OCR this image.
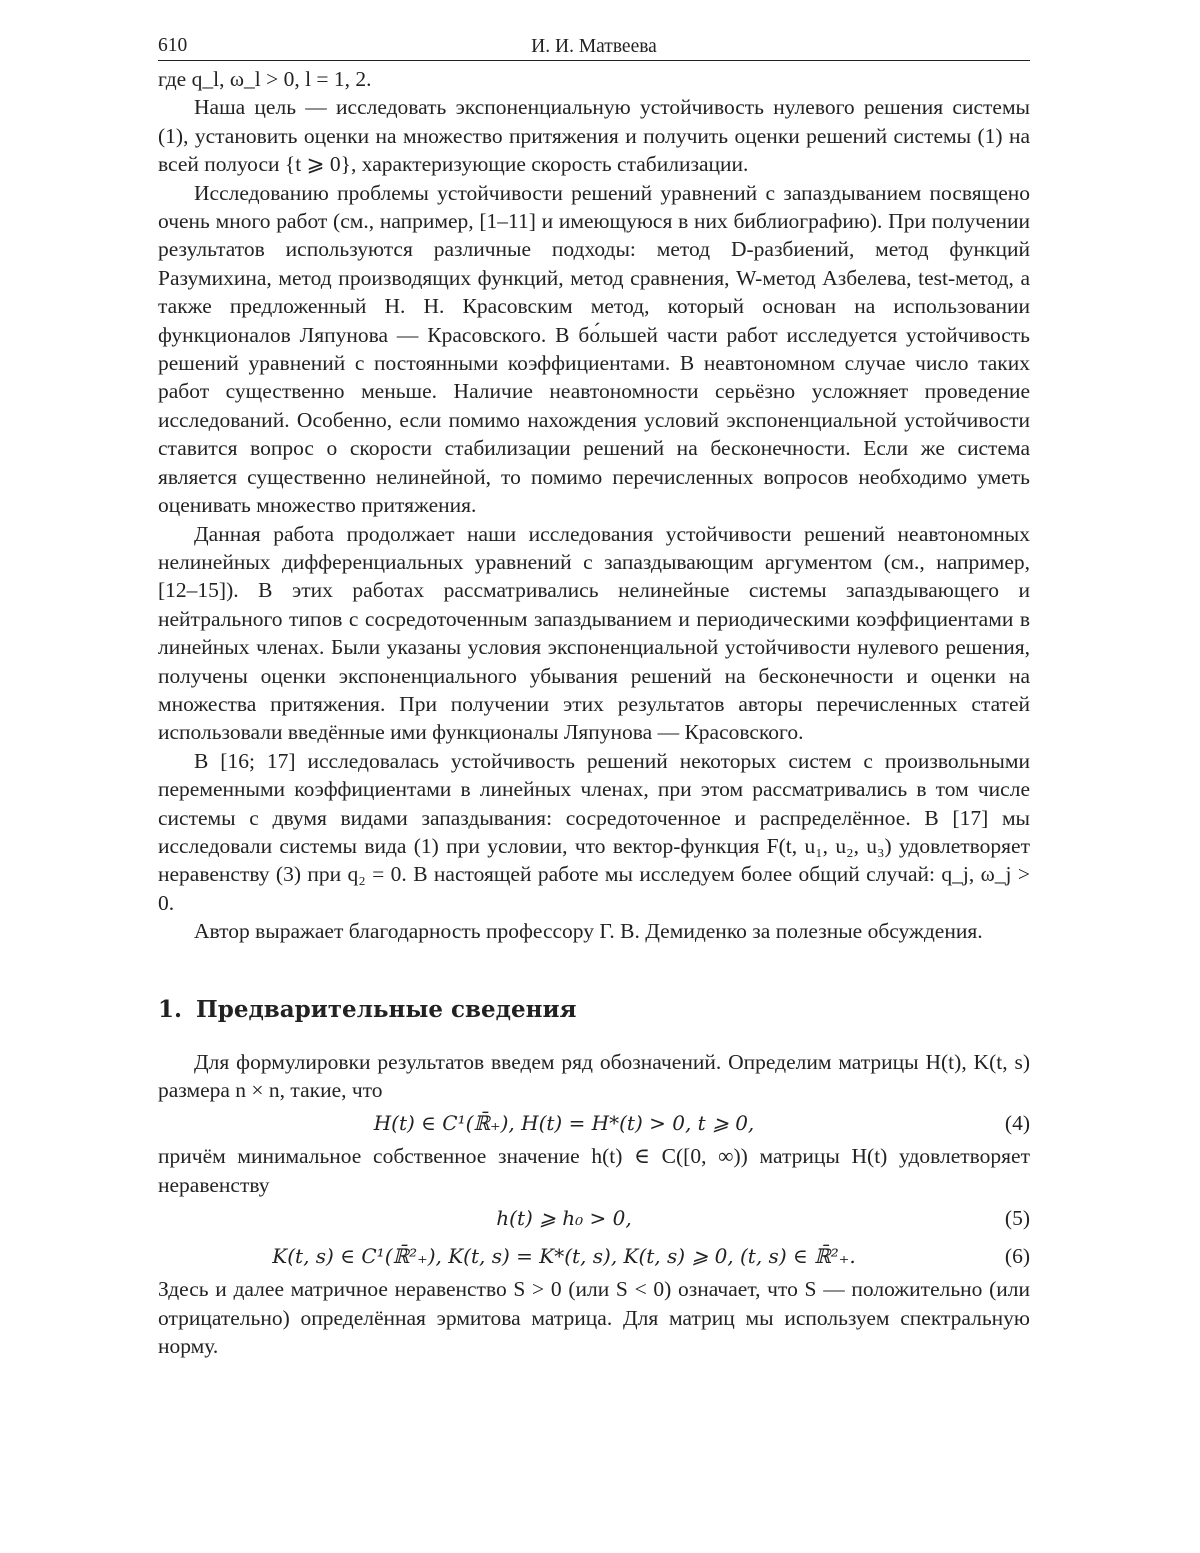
610	И. И. Матвеева

где q_l, ω_l > 0, l = 1, 2.

Наша цель — исследовать экспоненциальную устойчивость нулевого решения системы (1), установить оценки на множество притяжения и получить оценки решений системы (1) на всей полуоси {t ⩾ 0}, характеризующие скорость стабилизации.

Исследованию проблемы устойчивости решений уравнений с запаздыванием посвящено очень много работ (см., например, [1–11] и имеющуюся в них библиографию). При получении результатов используются различные подходы: метод D-разбиений, метод функций Разумихина, метод производящих функций, метод сравнения, W-метод Азбелева, test-метод, а также предложенный Н. Н. Красовским метод, который основан на использовании функционалов Ляпунова — Красовского. В бо́льшей части работ исследуется устойчивость решений уравнений с постоянными коэффициентами. В неавтономном случае число таких работ существенно меньше. Наличие неавтономности серьёзно усложняет проведение исследований. Особенно, если помимо нахождения условий экспоненциальной устойчивости ставится вопрос о скорости стабилизации решений на бесконечности. Если же система является существенно нелинейной, то помимо перечисленных вопросов необходимо уметь оценивать множество притяжения.

Данная работа продолжает наши исследования устойчивости решений неавтономных нелинейных дифференциальных уравнений с запаздывающим аргументом (см., например, [12–15]). В этих работах рассматривались нелинейные системы запаздывающего и нейтрального типов с сосредоточенным запаздыванием и периодическими коэффициентами в линейных членах. Были указаны условия экспоненциальной устойчивости нулевого решения, получены оценки экспоненциального убывания решений на бесконечности и оценки на множества притяжения. При получении этих результатов авторы перечисленных статей использовали введённые ими функционалы Ляпунова — Красовского.

В [16; 17] исследовалась устойчивость решений некоторых систем с произвольными переменными коэффициентами в линейных членах, при этом рассматривались в том числе системы с двумя видами запаздывания: сосредоточенное и распределённое. В [17] мы исследовали системы вида (1) при условии, что вектор-функция F(t, u₁, u₂, u₃) удовлетворяет неравенству (3) при q₂ = 0. В настоящей работе мы исследуем более общий случай: q_j, ω_j > 0.

Автор выражает благодарность профессору Г. В. Демиденко за полезные обсуждения.

1. Предварительные сведения

Для формулировки результатов введем ряд обозначений. Определим матрицы H(t), K(t, s) размера n × n, такие, что

H(t) ∈ C¹(ℝ̄₊), H(t) = H*(t) > 0, t ⩾ 0,	(4)

причём минимальное собственное значение h(t) ∈ C([0, ∞)) матрицы H(t) удовлетворяет неравенству

h(t) ⩾ h₀ > 0,	(5)
K(t, s) ∈ C¹(ℝ̄²₊), K(t, s) = K*(t, s), K(t, s) ⩾ 0, (t, s) ∈ ℝ̄²₊.	(6)

Здесь и далее матричное неравенство S > 0 (или S < 0) означает, что S — положительно (или отрицательно) определённая эрмитова матрица. Для матриц мы используем спектральную норму.
